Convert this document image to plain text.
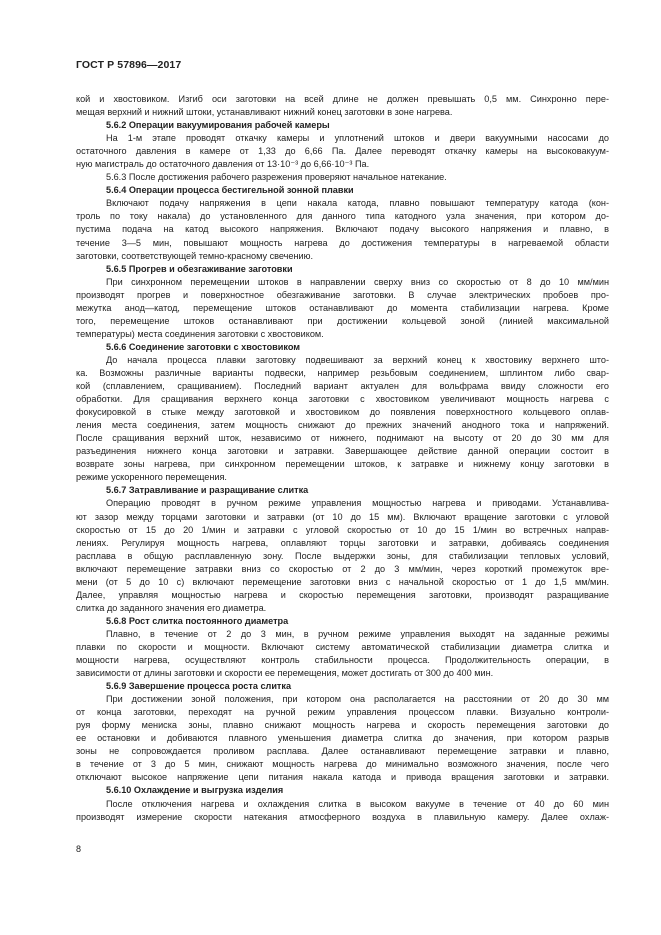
ГОСТ Р 57896—2017
кой и хвостовиком. Изгиб оси заготовки на всей длине не должен превышать 0,5 мм. Синхронно пере-
мещая верхний и нижний штоки, устанавливают нижний конец заготовки в зоне нагрева.
5.6.2 Операции вакуумирования рабочей камеры
На 1-м этапе проводят откачку камеры и уплотнений штоков и двери вакуумными насосами до
остаточного давления в камере от 1,33 до 6,66 Па. Далее переводят откачку камеры на высоковакуум-
ную магистраль до остаточного давления от 13·10⁻³ до 6,66·10⁻³ Па.
5.6.3 После достижения рабочего разрежения проверяют начальное натекание.
5.6.4 Операции процесса бестигельной зонной плавки
Включают подачу напряжения в цепи накала катода, плавно повышают температуру катода (кон-
троль по току накала) до установленного для данного типа катодного узла значения, при котором до-
пустима подача на катод высокого напряжения. Включают подачу высокого напряжения и плавно, в
течение 3—5 мин, повышают мощность нагрева до достижения температуры в нагреваемой области
заготовки, соответствующей темно-красному свечению.
5.6.5 Прогрев и обезгаживание заготовки
При синхронном перемещении штоков в направлении сверху вниз со скоростью от 8 до 10 мм/мин
производят прогрев и поверхностное обезгаживание заготовки. В случае электрических пробоев про-
межутка анод—катод, перемещение штоков останавливают до момента стабилизации нагрева. Кроме
того, перемещение штоков останавливают при достижении кольцевой зоной (линией максимальной
температуры) места соединения заготовки с хвостовиком.
5.6.6 Соединение заготовки с хвостовиком
До начала процесса плавки заготовку подвешивают за верхний конец к хвостовику верхнего што-
ка. Возможны различные варианты подвески, например резьбовым соединением, шплинтом либо свар-
кой (сплавлением, сращиванием). Последний вариант актуален для вольфрама ввиду сложности его
обработки. Для сращивания верхнего конца заготовки с хвостовиком увеличивают мощность нагрева с
фокусировкой в стыке между заготовкой и хвостовиком до появления поверхностного кольцевого оплав-
ления места соединения, затем мощность снижают до прежних значений анодного тока и напряжений.
После сращивания верхний шток, независимо от нижнего, поднимают на высоту от 20 до 30 мм для
разъединения нижнего конца заготовки и затравки. Завершающее действие данной операции состоит в
возврате зоны нагрева, при синхронном перемещении штоков, к затравке и нижнему концу заготовки в
режиме ускоренного перемещения.
5.6.7 Затравливание и разращивание слитка
Операцию проводят в ручном режиме управления мощностью нагрева и приводами. Устанавлива-
ют зазор между торцами заготовки и затравки (от 10 до 15 мм). Включают вращение заготовки с угловой
скоростью от 15 до 20 1/мин и затравки с угловой скоростью от 10 до 15 1/мин во встречных направ-
лениях. Регулируя мощность нагрева, оплавляют торцы заготовки и затравки, добиваясь соединения
расплава в общую расплавленную зону. После выдержки зоны, для стабилизации тепловых условий,
включают перемещение затравки вниз со скоростью от 2 до 3 мм/мин, через короткий промежуток вре-
мени (от 5 до 10 с) включают перемещение заготовки вниз с начальной скоростью от 1 до 1,5 мм/мин.
Далее, управляя мощностью нагрева и скоростью перемещения заготовки, производят разращивание
слитка до заданного значения его диаметра.
5.6.8 Рост слитка постоянного диаметра
Плавно, в течение от 2 до 3 мин, в ручном режиме управления выходят на заданные режимы
плавки по скорости и мощности. Включают систему автоматической стабилизации диаметра слитка и
мощности нагрева, осуществляют контроль стабильности процесса. Продолжительность операции, в
зависимости от длины заготовки и скорости ее перемещения, может достигать от 300 до 400 мин.
5.6.9 Завершение процесса роста слитка
При достижении зоной положения, при котором она располагается на расстоянии от 20 до 30 мм
от конца заготовки, переходят на ручной режим управления процессом плавки. Визуально контроли-
руя форму мениска зоны, плавно снижают мощность нагрева и скорость перемещения заготовки до
ее остановки и добиваются плавного уменьшения диаметра слитка до значения, при котором разрыв
зоны не сопровождается проливом расплава. Далее останавливают перемещение затравки и плавно,
в течение от 3 до 5 мин, снижают мощность нагрева до минимально возможного значения, после чего
отключают высокое напряжение цепи питания накала катода и привода вращения заготовки и затравки.
5.6.10 Охлаждение и выгрузка изделия
После отключения нагрева и охлаждения слитка в высоком вакууме в течение от 40 до 60 мин
производят измерение скорости натекания атмосферного воздуха в плавильную камеру. Далее охлаж-
8
